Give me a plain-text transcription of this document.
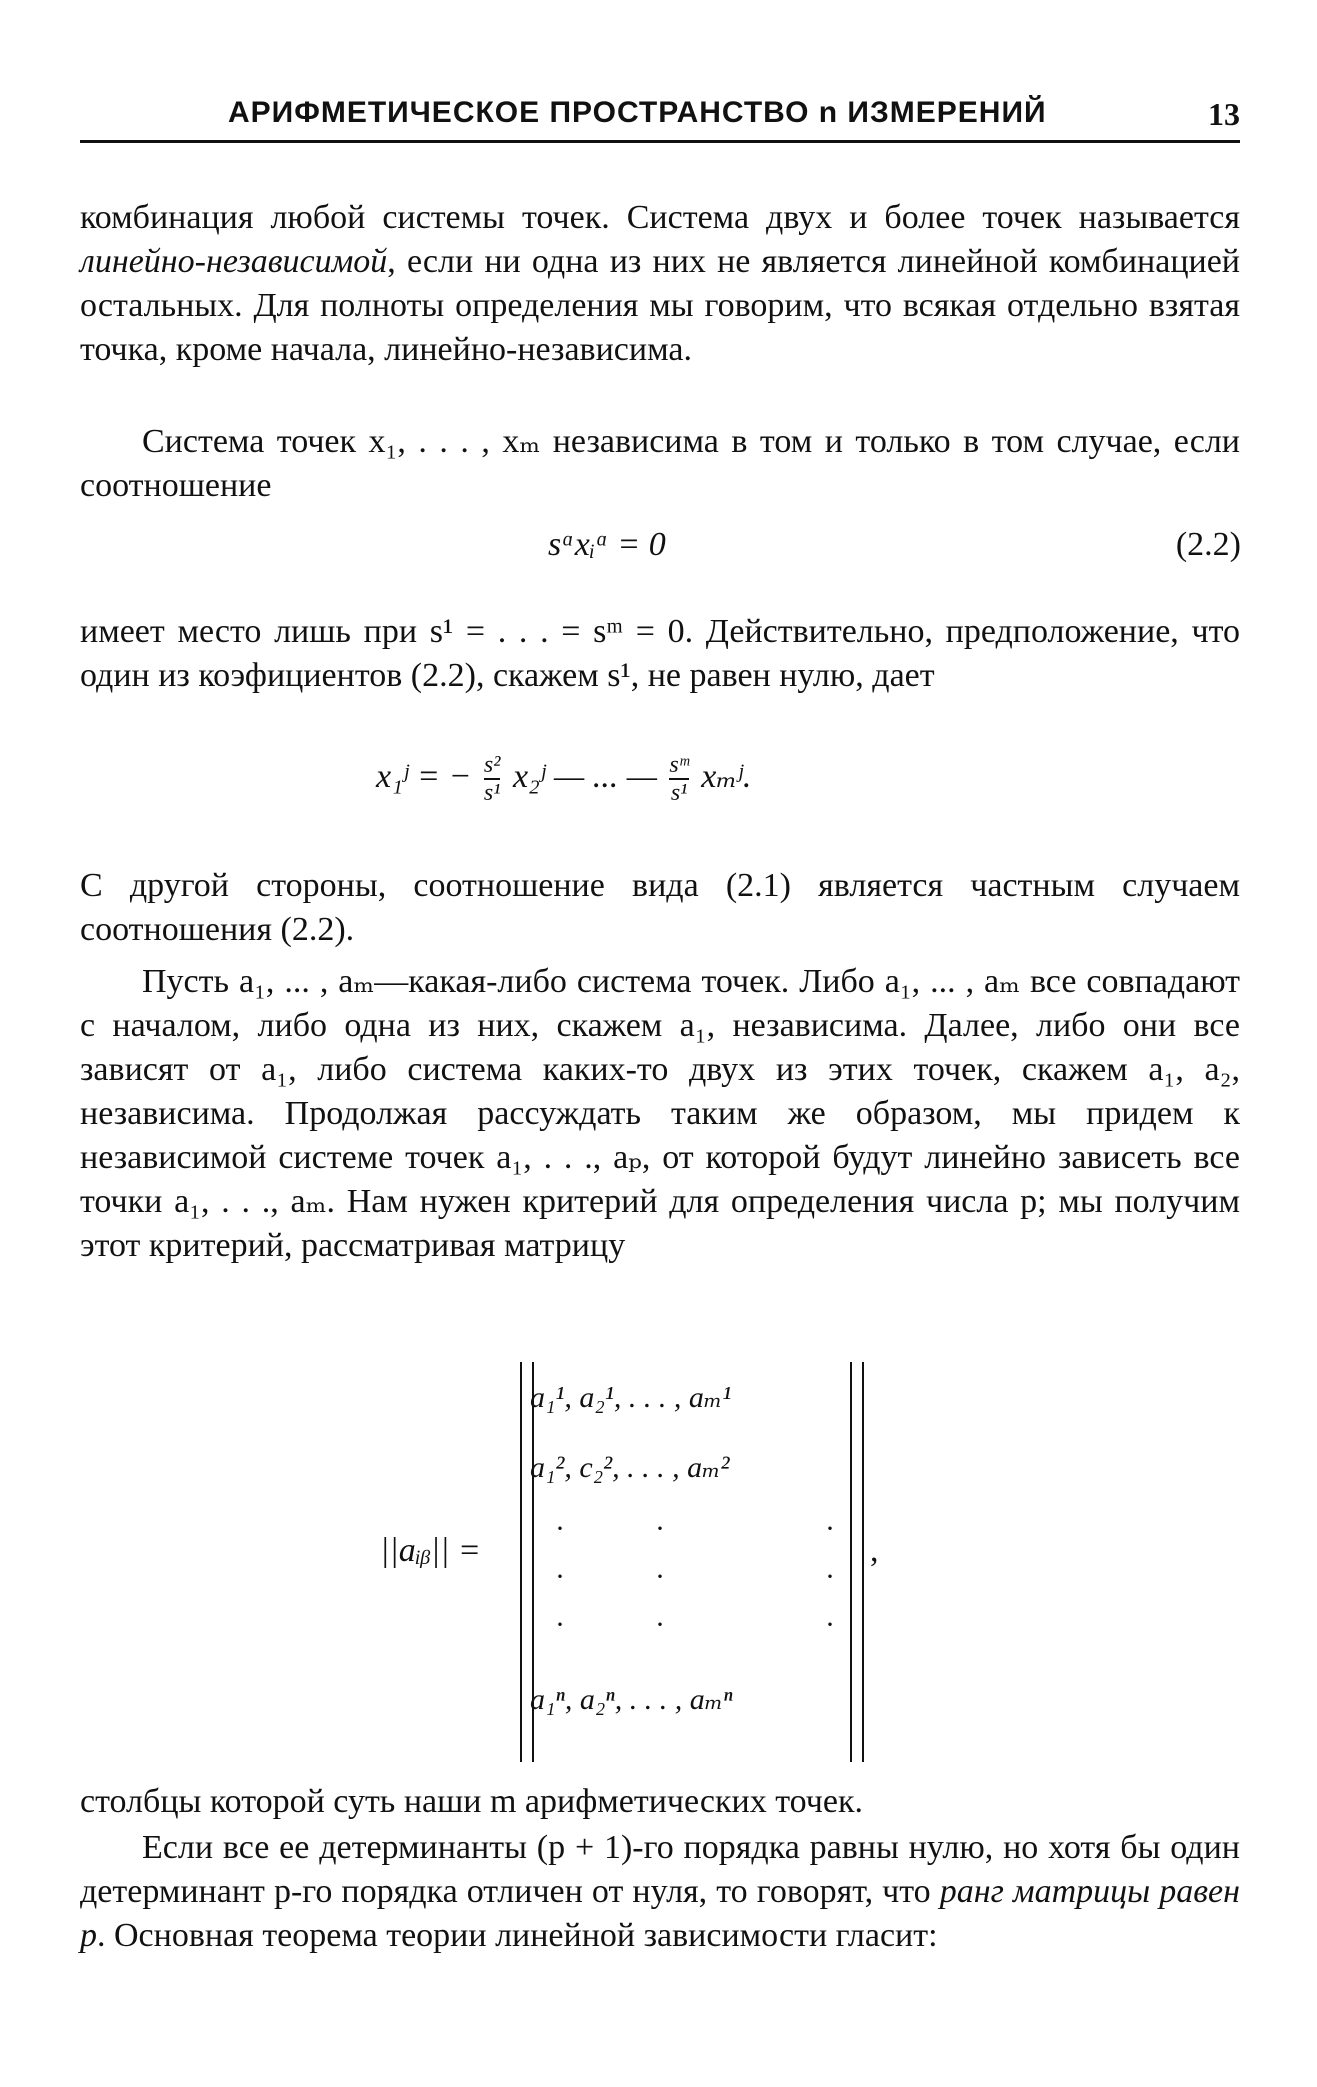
АРИФМЕТИЧЕСКОЕ ПРОСТРАНСТВО n ИЗМЕРЕНИЙ	13

комбинация любой системы точек. Система двух и более точек называется линейно-независимой, если ни одна из них не является линейной комбинацией остальных. Для полноты определения мы говорим, что всякая отдельно взятая точка, кроме начала, линейно-независима.

Система точек x₁, . . . , xₘ независима в том и только в том случае, если соотношение

sᵅxᵢᵅ = 0	(2.2)

имеет место лишь при s¹ = . . . = sᵐ = 0. Действительно, предположение, что один из коэфициентов (2.2), скажем s¹, не равен нулю, дает

x₁ʲ = − $\frac{\text{s²}}{\text{s¹}}$ x₂ʲ — ... — $\frac{\text{sᵐ}}{\text{s¹}}$ xₘʲ.

С другой стороны, соотношение вида (2.1) является частным случаем соотношения (2.2).

Пусть a₁, ... , aₘ—какая-либо система точек. Либо a₁, ... , aₘ все совпадают с началом, либо одна из них, скажем a₁, независима. Далее, либо они все зависят от a₁, либо система каких-то двух из этих точек, скажем a₁, a₂, независима. Продолжая рассуждать таким же образом, мы придем к независимой системе точек a₁, . . ., aₚ, от которой будут линейно зависеть все точки a₁, . . ., aₘ. Нам нужен критерий для определения числа p; мы получим этот критерий, рассматривая матрицу

||aᵢᵦ|| =
a₁¹, a₂¹, . . . , aₘ¹
a₁², c₂², . . . , aₘ²
·	·	·
·	·	·
·	·	·
a₁ⁿ, a₂ⁿ, . . . , aₘⁿ
,

столбцы которой суть наши m арифметических точек.

Если все ее детерминанты (p + 1)-го порядка равны нулю, но хотя бы один детерминант p-го порядка отличен от нуля, то говорят, что ранг матрицы равен p. Основная теорема теории линейной зависимости гласит:
